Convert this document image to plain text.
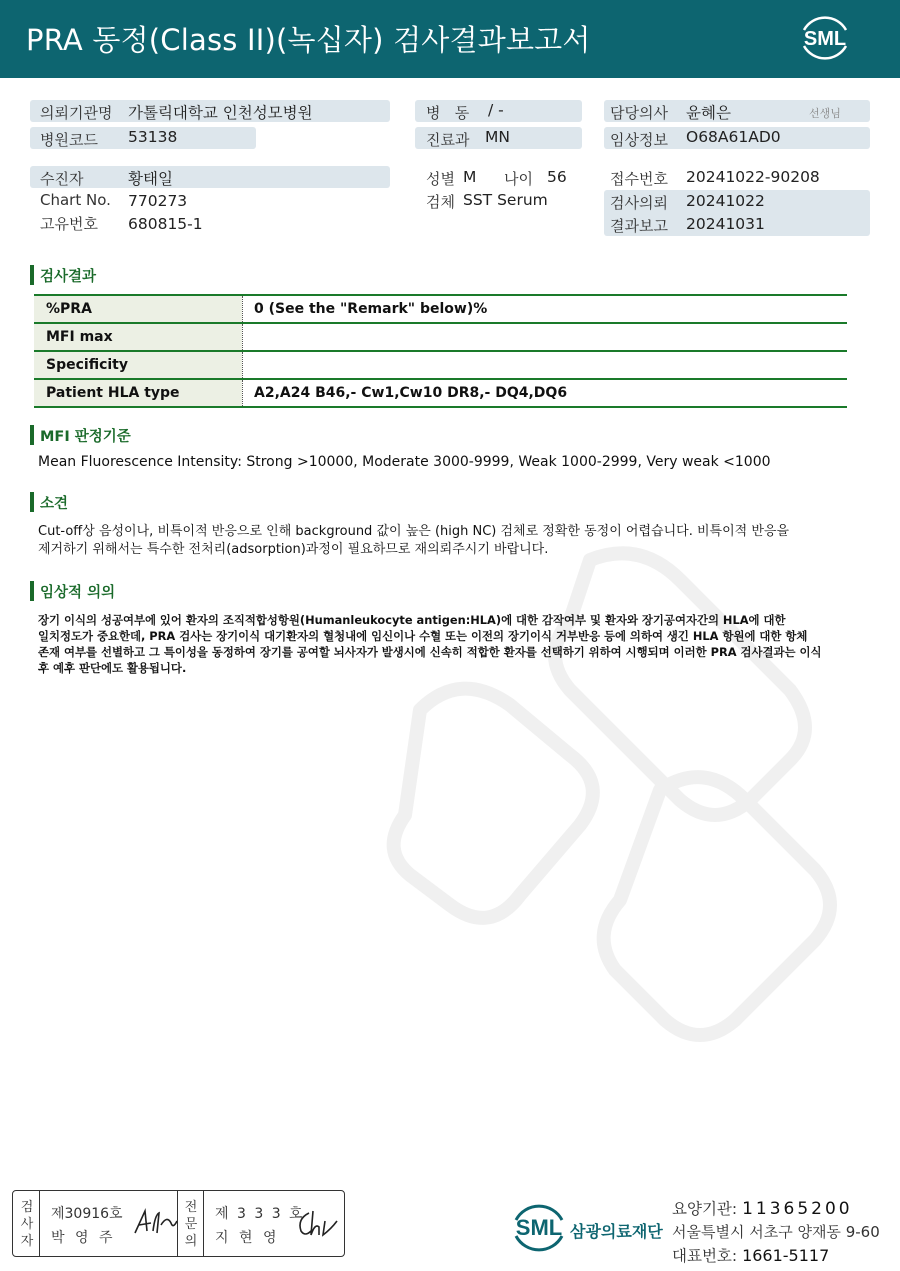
PRA 동정(Class II)(녹십자) 검사결과보고서	SML
의뢰기관명 가톨릭대학교 인천성모병원
병원코드 53138
병   동 / -
진료과 MN
담당의사 윤혜은	선생님
임상정보 O68A61AD0
수진자	황태일
Chart No. 770273
고유번호 680815-1
성별 M 나이 56
검체 SST Serum
접수번호 20241022-90208
검사의뢰 20241022
결과보고 20241031
검사결과
%PRA	0 (See the "Remark" below)%
MFI max
Specificity
Patient HLA type	A2,A24 B46,- Cw1,Cw10 DR8,- DQ4,DQ6
MFI 판정기준
Mean Fluorescence Intensity: Strong >10000, Moderate 3000-9999, Weak 1000-2999, Very weak <1000
소견
Cut-off상 음성이나, 비특이적 반응으로 인해 background 값이 높은 (high NC) 검체로 정확한 동정이 어렵습니다. 비특이적 반응을
제거하기 위해서는 특수한 전처리(adsorption)과정이 필요하므로 재의뢰주시기 바랍니다.
임상적 의의
장기 이식의 성공여부에 있어 환자의 조직적합성항원(Humanleukocyte antigen:HLA)에 대한 감작여부 및 환자와 장기공여자간의 HLA에 대한
일치정도가 중요한데, PRA 검사는 장기이식 대기환자의 혈청내에 임신이나 수혈 또는 이전의 장기이식 거부반응 등에 의하여 생긴 HLA 항원에 대한 항체
존재 여부를 선별하고 그 특이성을 동정하여 장기를 공여할 뇌사자가 발생시에 신속히 적합한 환자를 선택하기 위하여 시행되며 이러한 PRA 검사결과는 이식
후 예후 판단에도 활용됩니다.
검사자
제30916호
박 영 주
전문의
제 3 3 3 호
지 현 영	SML 삼광의료재단
요양기관: 11365200
서울특별시 서초구 양재동 9-60
대표번호: 1661-5117
